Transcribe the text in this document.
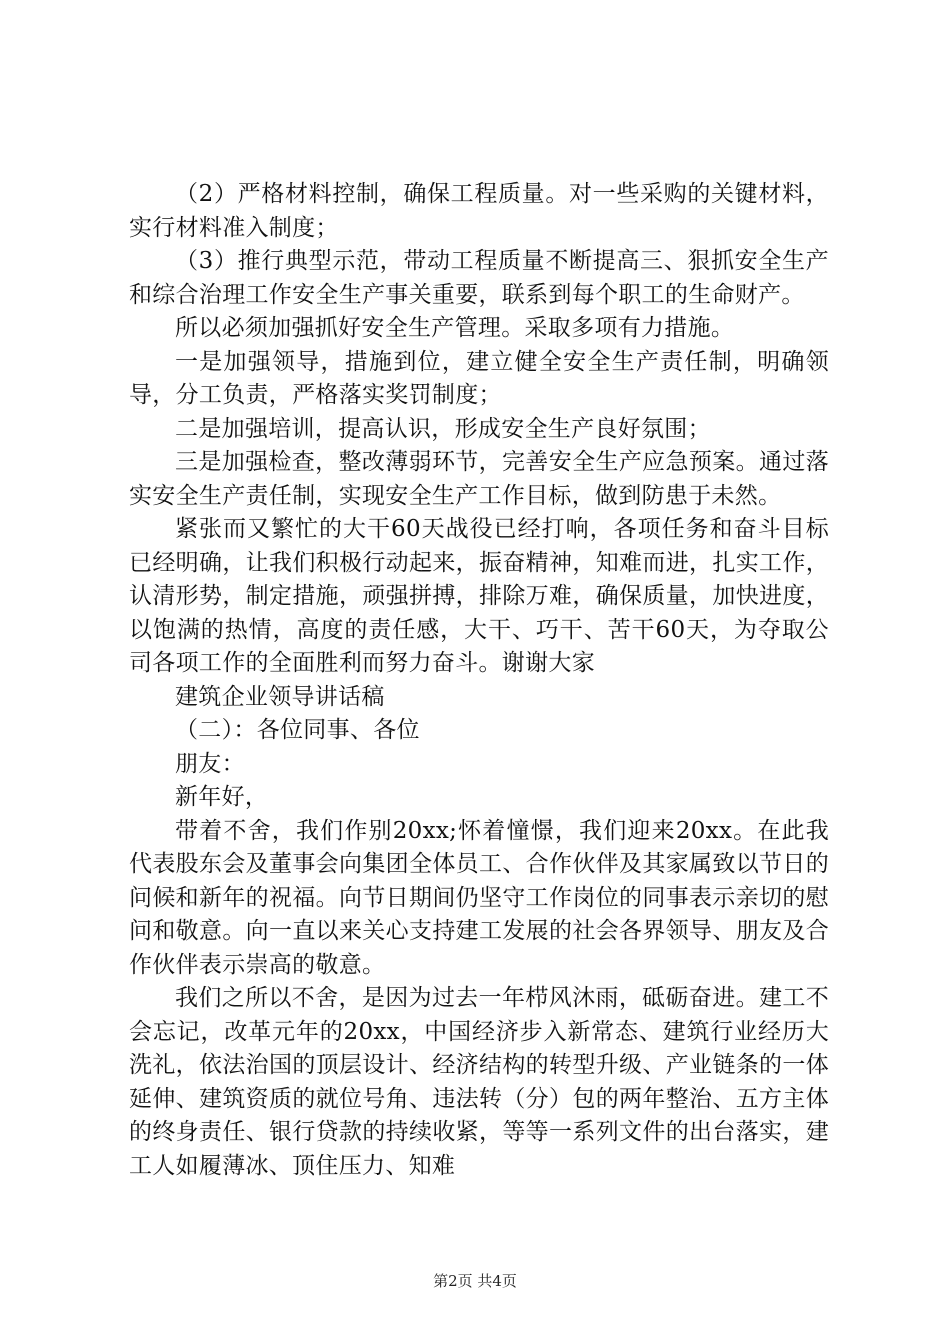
（2）严格材料控制，确保工程质量。对一些采购的关键材料，实行材料准入制度；

（3）推行典型示范，带动工程质量不断提高三、狠抓安全生产和综合治理工作安全生产事关重要，联系到每个职工的生命财产。

所以必须加强抓好安全生产管理。采取多项有力措施。

一是加强领导，措施到位，建立健全安全生产责任制，明确领导，分工负责，严格落实奖罚制度；

二是加强培训，提高认识，形成安全生产良好氛围；

三是加强检查，整改薄弱环节，完善安全生产应急预案。通过落实安全生产责任制，实现安全生产工作目标，做到防患于未然。

紧张而又繁忙的大干60天战役已经打响，各项任务和奋斗目标已经明确，让我们积极行动起来，振奋精神，知难而进，扎实工作，认清形势，制定措施，顽强拼搏，排除万难，确保质量，加快进度，以饱满的热情，高度的责任感，大干、巧干、苦干60天，为夺取公司各项工作的全面胜利而努力奋斗。谢谢大家

建筑企业领导讲话稿

（二）：各位同事、各位

朋友：

新年好，

带着不舍，我们作别20xx;怀着憧憬，我们迎来20xx。在此我代表股东会及董事会向集团全体员工、合作伙伴及其家属致以节日的问候和新年的祝福。向节日期间仍坚守工作岗位的同事表示亲切的慰问和敬意。向一直以来关心支持建工发展的社会各界领导、朋友及合作伙伴表示崇高的敬意。

我们之所以不舍，是因为过去一年栉风沐雨，砥砺奋进。建工不会忘记，改革元年的20xx，中国经济步入新常态、建筑行业经历大洗礼，依法治国的顶层设计、经济结构的转型升级、产业链条的一体延伸、建筑资质的就位号角、违法转（分）包的两年整治、五方主体的终身责任、银行贷款的持续收紧，等等一系列文件的出台落实，建工人如履薄冰、顶住压力、知难

第2页 共4页
